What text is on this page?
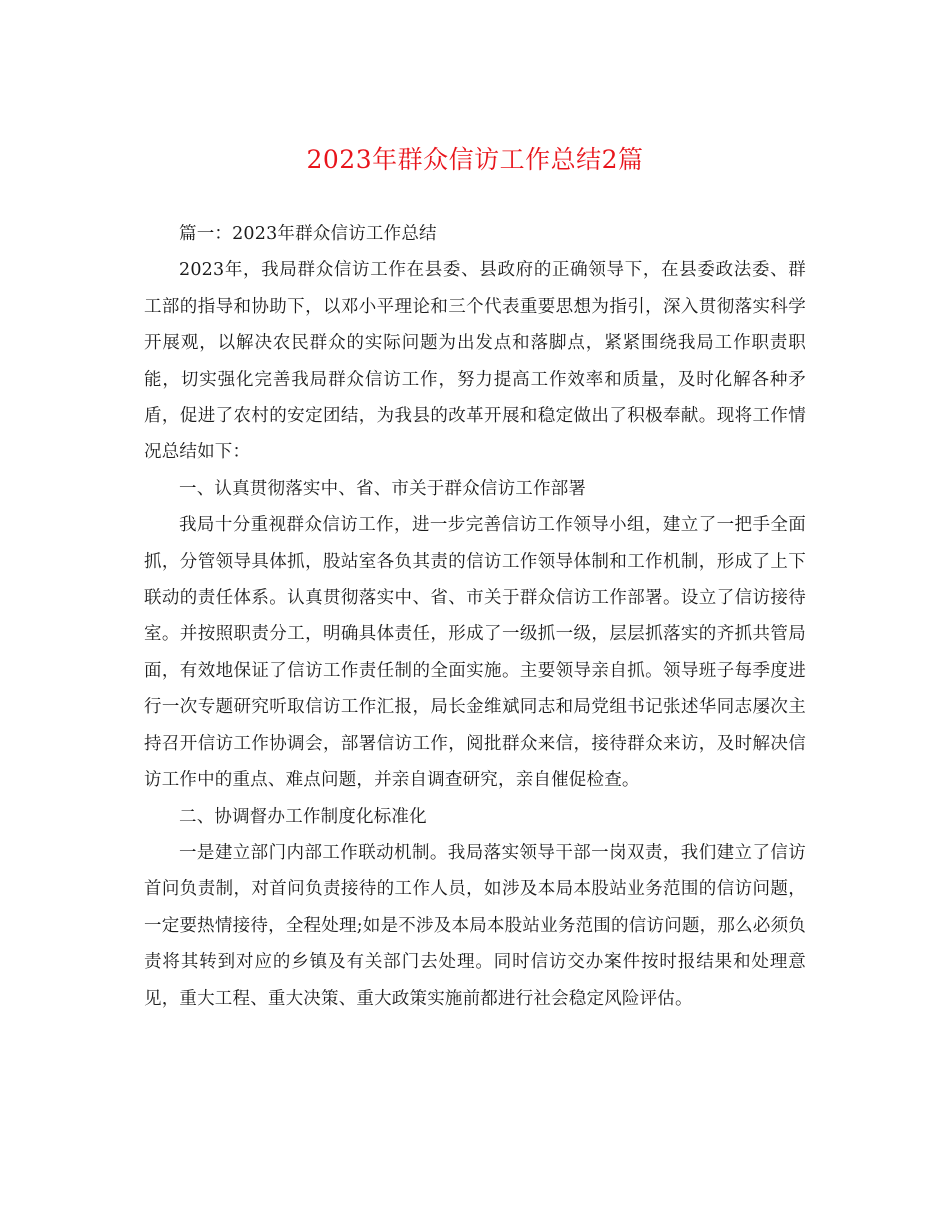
2023年群众信访工作总结2篇

篇一：2023年群众信访工作总结

2023年，我局群众信访工作在县委、县政府的正确领导下，在县委政法委、群工部的指导和协助下，以邓小平理论和三个代表重要思想为指引，深入贯彻落实科学开展观，以解决农民群众的实际问题为出发点和落脚点，紧紧围绕我局工作职责职能，切实强化完善我局群众信访工作，努力提高工作效率和质量，及时化解各种矛盾，促进了农村的安定团结，为我县的改革开展和稳定做出了积极奉献。现将工作情况总结如下：

一、认真贯彻落实中、省、市关于群众信访工作部署

我局十分重视群众信访工作，进一步完善信访工作领导小组，建立了一把手全面抓，分管领导具体抓，股站室各负其责的信访工作领导体制和工作机制，形成了上下联动的责任体系。认真贯彻落实中、省、市关于群众信访工作部署。设立了信访接待室。并按照职责分工，明确具体责任，形成了一级抓一级，层层抓落实的齐抓共管局面，有效地保证了信访工作责任制的全面实施。主要领导亲自抓。领导班子每季度进行一次专题研究听取信访工作汇报，局长金维斌同志和局党组书记张述华同志屡次主持召开信访工作协调会，部署信访工作，阅批群众来信，接待群众来访，及时解决信访工作中的重点、难点问题，并亲自调查研究，亲自催促检查。

二、协调督办工作制度化标准化

一是建立部门内部工作联动机制。我局落实领导干部一岗双责，我们建立了信访首问负责制，对首问负责接待的工作人员，如涉及本局本股站业务范围的信访问题，一定要热情接待，全程处理;如是不涉及本局本股站业务范围的信访问题，那么必须负责将其转到对应的乡镇及有关部门去处理。同时信访交办案件按时报结果和处理意见，重大工程、重大决策、重大政策实施前都进行社会稳定风险评估。
